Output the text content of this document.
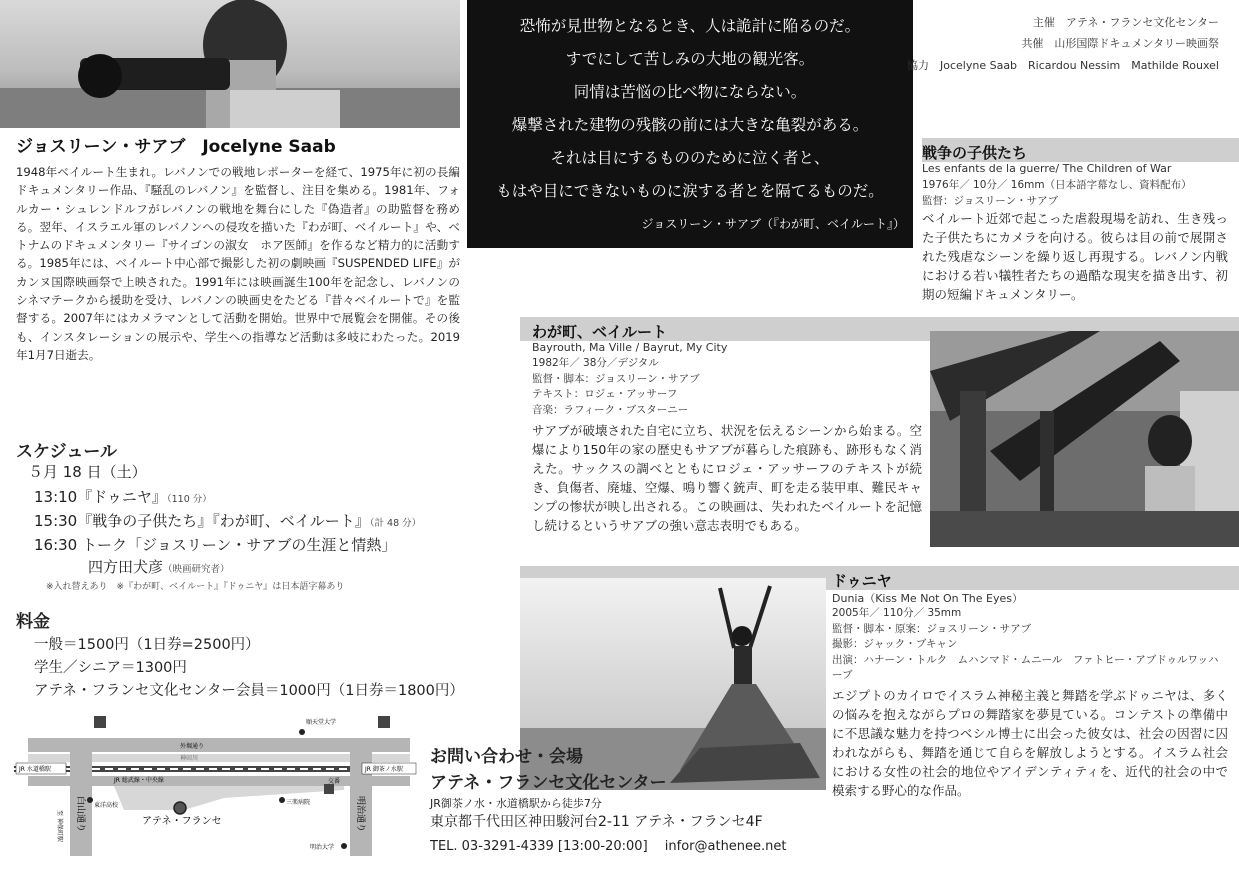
ジョスリーン・サアブ　Jocelyne Saab
1948年ベイルート生まれ。レバノンでの戦地レポーターを経て、1975年に初の長編ドキュメンタリー作品、『騒乱のレバノン』を監督し、注目を集める。1981年、フォルカー・シュレンドルフがレバノンの戦地を舞台にした『偽造者』の助監督を務める。翌年、イスラエル軍のレバノンへの侵攻を描いた『わが町、ベイルート』や、ベトナムのドキュメンタリー『サイゴンの淑女　ホア医師』を作るなど精力的に活動する。1985年には、ベイルート中心部で撮影した初の劇映画『SUSPENDED LIFE』がカンヌ国際映画祭で上映された。1991年には映画誕生100年を記念し、レバノンのシネマテークから援助を受け、レバノンの映画史をたどる『昔々ベイルートで』を監督する。2007年にはカメラマンとして活動を開始。世界中で展覧会を開催。その後も、インスタレーションの展示や、学生への指導など活動は多岐にわたった。2019年1月7日逝去。
スケジュール
５月 18 日（土）
13:10『ドゥニヤ』（110 分）
15:30『戦争の子供たち』『わが町、ベイルート』（計 48 分）
16:30 トーク「ジョスリーン・サアブの生涯と情熱」
四方田犬彦（映画研究者）
※入れ替えあり　※『わが町、ベイルート』『ドゥニヤ』は日本語字幕あり
料金
一般＝1500円（1日券=2500円）
学生／シニア＝1300円
アテネ・フランセ文化センター会員＝1000円（1日券＝1800円）
順天堂大学
外堀通り
神田川
JR 水道橋駅	JR 御茶ノ水駅
JR 総武線・中央線	交番
東洋高校	三楽病院
アテネ・フランセ
白山通り	明治通り
至 神保町駅
明治大学
恐怖が見世物となるとき、人は詭計に陥るのだ。
すでにして苦しみの大地の観光客。
同情は苦悩の比べ物にならない。
爆撃された建物の残骸の前には大きな亀裂がある。
それは目にするもののために泣く者と、
もはや目にできないものに涙する者とを隔てるものだ。
ジョスリーン・サアブ（『わが町、ベイルート』）
主催　アテネ・フランセ文化センター
共催　山形国際ドキュメンタリー映画祭
協力　Jocelyne Saab　Ricardou Nessim　Mathilde Rouxel
戦争の子供たち
Les enfants de la guerre/ The Children of War
1976年／ 10分／ 16mm（日本語字幕なし、資料配布）
監督：ジョスリーン・サアブ
ベイルート近郊で起こった虐殺現場を訪れ、生き残った子供たちにカメラを向ける。彼らは目の前で展開された残虐なシーンを繰り返し再現する。レバノン内戦における若い犠牲者たちの過酷な現実を描き出す、初期の短編ドキュメンタリー。
わが町、ベイルート
Bayrouth, Ma Ville / Bayrut, My City
1982年／ 38分／デジタル
監督・脚本：ジョスリーン・サアブ
テキスト：ロジェ・アッサーフ
音楽：ラフィーク・ブスターニー
サアブが破壊された自宅に立ち、状況を伝えるシーンから始まる。空爆により150年の家の歴史もサアブが暮らした痕跡も、跡形もなく消えた。サックスの調べとともにロジェ・アッサーフのテキストが続き、負傷者、廃墟、空爆、鳴り響く銃声、町を走る装甲車、難民キャンプの惨状が映し出される。この映画は、失われたベイルートを記憶し続けるというサアブの強い意志表明でもある。
ドゥニヤ
Dunia（Kiss Me Not On The Eyes）
2005年／ 110分／ 35mm
監督・脚本・原案：ジョスリーン・サアブ
撮影：ジャック・ブキャン
出演：ハナーン・トルク　ムハンマド・ムニール　ファトヒー・アブドゥルワッハーブ
エジプトのカイロでイスラム神秘主義と舞踏を学ぶドゥニヤは、多くの悩みを抱えながらプロの舞踏家を夢見ている。コンテストの準備中に不思議な魅力を持つベシル博士に出会った彼女は、社会の因習に囚われながらも、舞踏を通じて自らを解放しようとする。イスラム社会における女性の社会的地位やアイデンティティを、近代的社会の中で模索する野心的な作品。
お問い合わせ・会場
アテネ・フランセ文化センター
JR御茶ノ水・水道橋駅から徒歩7分
東京都千代田区神田駿河台2-11 アテネ・フランセ4F
TEL. 03-3291-4339 [13:00-20:00]　 infor@athenee.net
